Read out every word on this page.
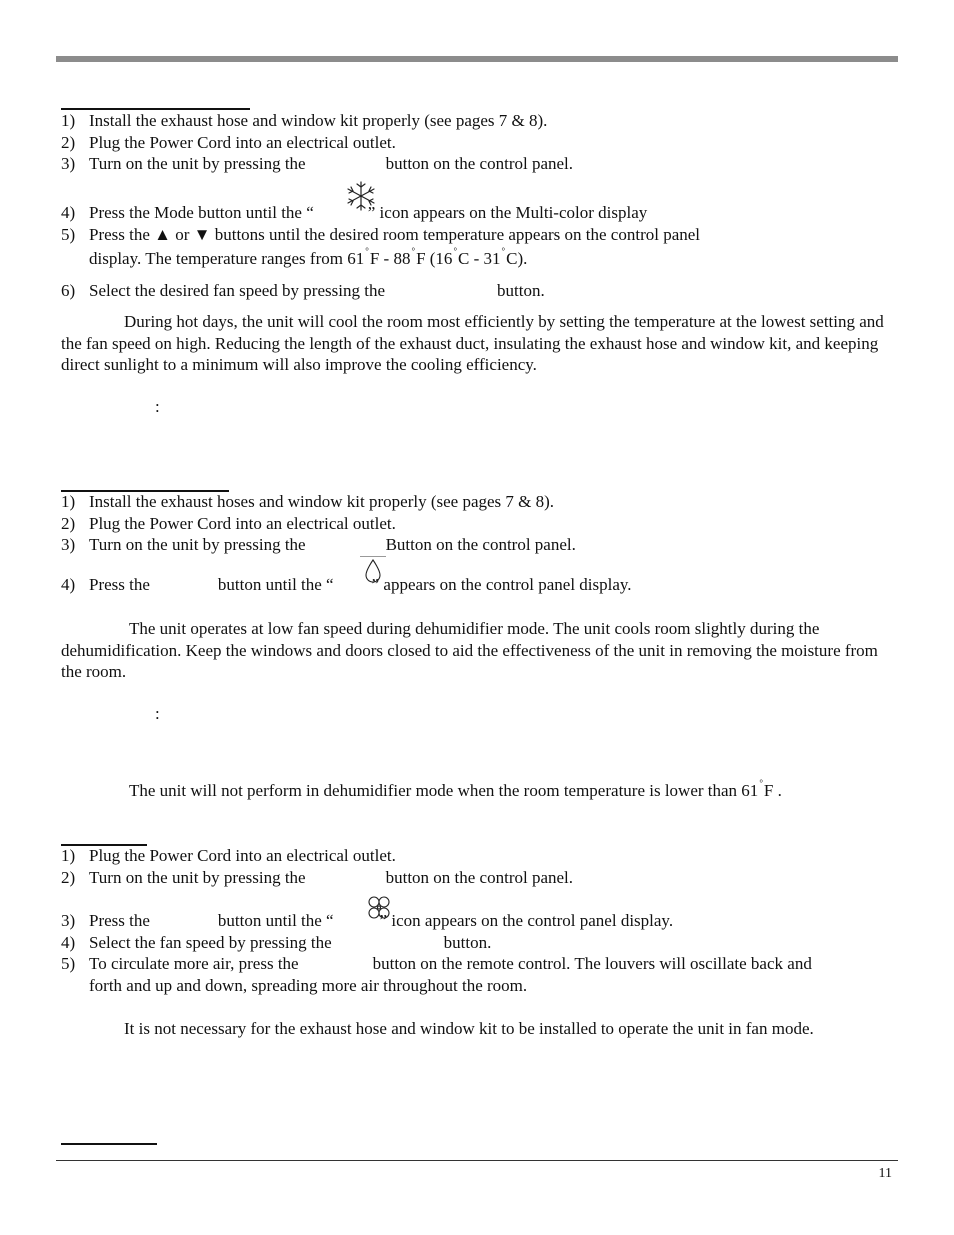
1) Install the exhaust hose and window kit properly (see pages 7 & 8).
2) Plug the Power Cord into an electrical outlet.
3) Turn on the unit by pressing the	button on the control panel.
4) Press the Mode button until the “	” icon appears on the Multi-color display
5) Press the ▲ or ▼ buttons until the desired room temperature appears on the control panel
display. The temperature ranges from 61°F - 88°F (16°C - 31°C).
6) Select the desired fan speed by pressing the	button.
During hot days, the unit will cool the room most efficiently by setting the temperature at the lowest setting and the fan speed on high. Reducing the length of the exhaust duct, insulating the exhaust hose and window kit, and keeping direct sunlight to a minimum will also improve the cooling efficiency.
:
1) Install the exhaust hoses and window kit properly (see pages 7 & 8).
2) Plug the Power Cord into an electrical outlet.
3) Turn on the unit by pressing the	Button on the control panel.
4) Press the	button until the “ ” appears on the control panel display.
The unit operates at low fan speed during dehumidifier mode. The unit cools room slightly during the dehumidification. Keep the windows and doors closed to aid the effectiveness of the unit in removing the moisture from the room.
:
The unit will not perform in dehumidifier mode when the room temperature is lower than 61°F .
1) Plug the Power Cord into an electrical outlet.
2) Turn on the unit by pressing the	button on the control panel.
3) Press the	button until the “	” icon appears on the control panel display.
4) Select the fan speed by pressing the	button.
5) To circulate more air, press the	button on the remote control. The louvers will oscillate back and
forth and up and down, spreading more air throughout the room.
It is not necessary for the exhaust hose and window kit to be installed to operate the unit in fan mode.
11
